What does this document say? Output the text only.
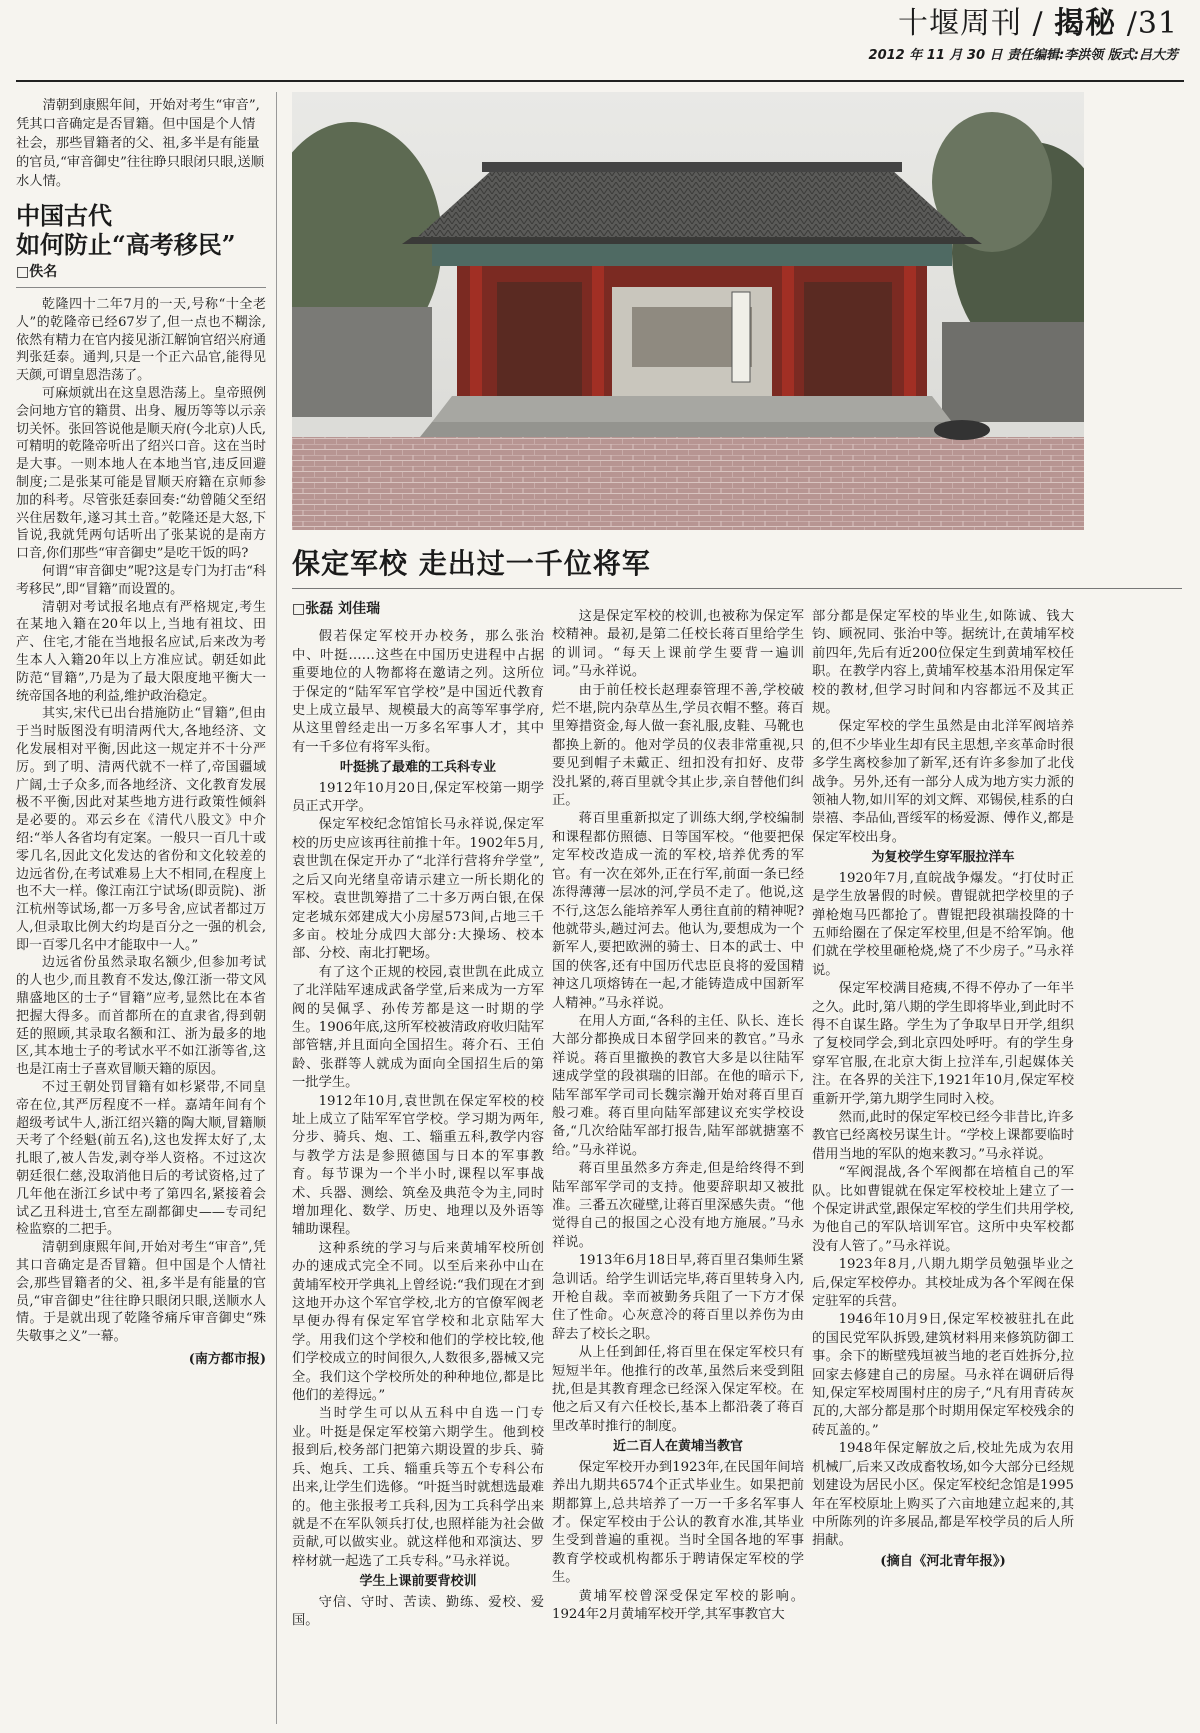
十堰周刊 / 揭秘 /31
2012 年 11 月 30 日 责任编辑:李洪领 版式:吕大芳

清朝到康熙年间，开始对考生“审音”,凭其口音确定是否冒籍。但中国是个人情社会，那些冒籍者的父、祖,多半是有能量的官员,“审音御史”往往睁只眼闭只眼,送顺水人情。

中国古代
如何防止“高考移民”
□佚名

乾隆四十二年7月的一天,号称“十全老人”的乾隆帝已经67岁了,但一点也不糊涂,依然有精力在官内接见浙江解饷官绍兴府通判张廷泰。通判,只是一个正六品官,能得见天颜,可谓皇恩浩荡了。

可麻烦就出在这皇恩浩荡上。皇帝照例会问地方官的籍贯、出身、履历等等以示亲切关怀。张回答说他是顺天府(今北京)人氏,可精明的乾隆帝听出了绍兴口音。这在当时是大事。一则本地人在本地当官,违反回避制度;二是张某可能是冒顺天府籍在京师参加的科考。尽管张廷泰回奏:“幼曾随父至绍兴住居数年,遂习其土音。”乾隆还是大怒,下旨说,我就凭两句话听出了张某说的是南方口音,你们那些“审音御史”是吃干饭的吗?

何谓“审音御史”呢?这是专门为打击“科考移民”,即“冒籍”而设置的。

清朝对考试报名地点有严格规定,考生在某地入籍在20年以上,当地有祖坟、田产、住宅,才能在当地报名应试,后来改为考生本人入籍20年以上方准应试。朝廷如此防范“冒籍”,乃是为了最大限度地平衡大一统帝国各地的利益,维护政治稳定。

其实,宋代已出台措施防止“冒籍”,但由于当时版图没有明清两代大,各地经济、文化发展相对平衡,因此这一规定并不十分严厉。到了明、清两代就不一样了,帝国疆域广阔,士子众多,而各地经济、文化教育发展极不平衡,因此对某些地方进行政策性倾斜是必要的。邓云乡在《清代八股文》中介绍:“举人各省均有定案。一般只一百几十或零几名,因此文化发达的省份和文化较差的边远省份,在考试难易上大不相同,在程度上也不大一样。像江南江宁试场(即贡院)、浙江杭州等试场,都一万多号舍,应试者都过万人,但录取比例大约均是百分之一强的机会,即一百零几名中才能取中一人。”

边远省份虽然录取名额少,但参加考试的人也少,而且教育不发达,像江浙一带文风鼎盛地区的士子“冒籍”应考,显然比在本省把握大得多。而首都所在的直隶省,得到朝廷的照顾,其录取名额和江、浙为最多的地区,其本地士子的考试水平不如江浙等省,这也是江南士子喜欢冒顺天籍的原因。

不过王朝处罚冒籍有如杉紧带,不同皇帝在位,其严厉程度不一样。嘉靖年间有个超级考试牛人,浙江绍兴籍的陶大顺,冒籍顺天考了个经魁(前五名),这也发挥太好了,太扎眼了,被人告发,剥夺举人资格。不过这次朝廷很仁慈,没取消他日后的考试资格,过了几年他在浙江乡试中考了第四名,紧接着会试乙丑科进士,官至左副都御史——专司纪检监察的二把手。

清朝到康熙年间,开始对考生“审音”,凭其口音确定是否冒籍。但中国是个人情社会,那些冒籍者的父、祖,多半是有能量的官员,“审音御史”往往睁只眼闭只眼,送顺水人情。于是就出现了乾隆爷痛斥审音御史“殊失敬事之义”一幕。

(南方都市报)
保定军校 走出过一千位将军

□张磊 刘佳瑞

假若保定军校开办校务，那么张治中、叶挺……这些在中国历史进程中占据重要地位的人物都将在邀请之列。这所位于保定的“陆军军官学校”是中国近代教育史上成立最早、规模最大的高等军事学府,从这里曾经走出一万多名军事人才，其中有一千多位有将军头衔。

叶挺挑了最难的工兵科专业

1912年10月20日,保定军校第一期学员正式开学。

保定军校纪念馆馆长马永祥说,保定军校的历史应该再往前推十年。1902年5月,袁世凯在保定开办了“北洋行营将弁学堂”,之后又向光绪皇帝请示建立一所长期化的军校。袁世凯筹措了二十多万两白银,在保定老城东郊建成大小房屋573间,占地三千多亩。校址分成四大部分:大操场、校本部、分校、南北打靶场。

有了这个正规的校园,袁世凯在此成立了北洋陆军速成武备学堂,后来成为一方军阀的吴佩孚、孙传芳都是这一时期的学生。1906年底,这所军校被清政府收归陆军部管辖,并且面向全国招生。蒋介石、王伯龄、张群等人就成为面向全国招生后的第一批学生。

1912年10月,袁世凯在保定军校的校址上成立了陆军军官学校。学习期为两年,分步、骑兵、炮、工、辎重五科,教学内容与教学方法是参照德国与日本的军事教育。每节课为一个半小时,课程以军事战术、兵器、测绘、筑垒及典范令为主,同时增加理化、数学、历史、地理以及外语等辅助课程。

这种系统的学习与后来黄埔军校所创办的速成式完全不同。以至后来孙中山在黄埔军校开学典礼上曾经说:“我们现在才到这地开办这个军官学校,北方的官僚军阀老早便办得有保定军官学校和北京陆军大学。用我们这个学校和他们的学校比较,他们学校成立的时间很久,人数很多,器械又完全。我们这个学校所处的种种地位,都是比他们的差得远。”

当时学生可以从五科中自选一门专业。叶挺是保定军校第六期学生。他到校报到后,校务部门把第六期设置的步兵、骑兵、炮兵、工兵、辎重兵等五个专科公布出来,让学生们选修。“叶挺当时就想选最难的。他主张报考工兵科,因为工兵科学出来就是不在军队领兵打仗,也照样能为社会做贡献,可以做实业。就这样他和邓演达、罗梓材就一起选了工兵专科。”马永祥说。

学生上课前要背校训

守信、守时、苦读、勤练、爱校、爱国。

这是保定军校的校训,也被称为保定军校精神。最初,是第二任校长蒋百里给学生的训词。“每天上课前学生要背一遍训词。”马永祥说。

由于前任校长赵理泰管理不善,学校破烂不堪,院内杂草丛生,学员衣帽不整。蒋百里筹措资金,每人做一套礼服,皮鞋、马靴也都换上新的。他对学员的仪表非常重视,只要见到帽子未戴正、纽扣没有扣好、皮带没扎紧的,蒋百里就令其止步,亲自替他们纠正。

蒋百里重新拟定了训练大纲,学校编制和课程都仿照德、日等国军校。“他要把保定军校改造成一流的军校,培养优秀的军官。有一次在郊外,正在行军,前面一条已经冻得薄薄一层冰的河,学员不走了。他说,这不行,这怎么能培养军人勇往直前的精神呢?他就带头,趟过河去。他认为,要想成为一个新军人,要把欧洲的骑士、日本的武士、中国的侠客,还有中国历代忠臣良将的爱国精神这几项熔铸在一起,才能铸造成中国新军人精神。”马永祥说。

在用人方面,“各科的主任、队长、连长大部分都换成日本留学回来的教官。”马永祥说。蒋百里撤换的教官大多是以往陆军速成学堂的段祺瑞的旧部。在他的暗示下,陆军部军学司司长魏宗瀚开始对蒋百里百般刁难。蒋百里向陆军部建议充实学校设备,“几次给陆军部打报告,陆军部就搪塞不给。”马永祥说。

蒋百里虽然多方奔走,但是给终得不到陆军部军学司的支持。他要辞职却又被批准。三番五次碰壁,让蒋百里深感失责。“他觉得自己的报国之心没有地方施展。”马永祥说。

1913年6月18日早,蒋百里召集师生紧急训话。给学生训话完毕,蒋百里转身入内,开枪自裁。幸而被勤务兵阻了一下方才保住了性命。心灰意冷的蒋百里以养伤为由辞去了校长之职。

从上任到卸任,将百里在保定军校只有短短半年。他推行的改革,虽然后来受到阻扰,但是其教育理念已经深入保定军校。在他之后又有六任校长,基本上都沿袭了蒋百里改革时推行的制度。

近二百人在黄埔当教官

保定军校开办到1923年,在民国年间培养出九期共6574个正式毕业生。如果把前期都算上,总共培养了一万一千多名军事人才。保定军校由于公认的教育水准,其毕业生受到普遍的重视。当时全国各地的军事教育学校或机构都乐于聘请保定军校的学生。

黄埔军校曾深受保定军校的影响。1924年2月黄埔军校开学,其军事教官大

部分都是保定军校的毕业生,如陈诚、钱大钧、顾祝同、张治中等。据统计,在黄埔军校前四年,先后有近200位保定生到黄埔军校任职。在教学内容上,黄埔军校基本沿用保定军校的教材,但学习时间和内容都远不及其正规。

保定军校的学生虽然是由北洋军阀培养的,但不少毕业生却有民主思想,辛亥革命时很多学生离校参加了新军,还有许多参加了北伐战争。另外,还有一部分人成为地方实力派的领袖人物,如川军的刘文辉、邓锡侯,桂系的白崇禧、李品仙,晋绥军的杨爱源、傅作义,都是保定军校出身。

为复校学生穿军服拉洋车

1920年7月,直皖战争爆发。“打仗时正是学生放暑假的时候。曹锟就把学校里的子弹枪炮马匹都抢了。曹锟把段祺瑞投降的十五师给圈在了保定军校里,但是不给军饷。他们就在学校里砸枪烧,烧了不少房子。”马永祥说。

保定军校满目疮痍,不得不停办了一年半之久。此时,第八期的学生即将毕业,到此时不得不自谋生路。学生为了争取早日开学,组织了复校同学会,到北京四处呼吁。有的学生身穿军官服,在北京大街上拉洋车,引起媒体关注。在各界的关注下,1921年10月,保定军校重新开学,第九期学生同时入校。

然而,此时的保定军校已经今非昔比,许多教官已经离校另谋生计。“学校上课都要临时借用当地的军队的炮来教习。”马永祥说。

“军阀混战,各个军阀都在培植自己的军队。比如曹锟就在保定军校校址上建立了一个保定讲武堂,跟保定军校的学生们共用学校,为他自己的军队培训军官。这所中央军校都没有人管了。”马永祥说。

1923年8月,八期九期学员勉强毕业之后,保定军校停办。其校址成为各个军阀在保定驻军的兵营。

1946年10月9日,保定军校被驻扎在此的国民党军队拆毁,建筑材料用来修筑防御工事。余下的断壁残垣被当地的老百姓拆分,拉回家去修建自己的房屋。马永祥在调研后得知,保定军校周围村庄的房子,“凡有用青砖灰瓦的,大部分都是那个时期用保定军校残余的砖瓦盖的。”

1948年保定解放之后,校址先成为农用机械厂,后来又改成畜牧场,如今大部分已经规划建设为居民小区。保定军校纪念馆是1995年在军校原址上购买了六亩地建立起来的,其中所陈列的许多展品,都是军校学员的后人所捐献。

(摘自《河北青年报》)
